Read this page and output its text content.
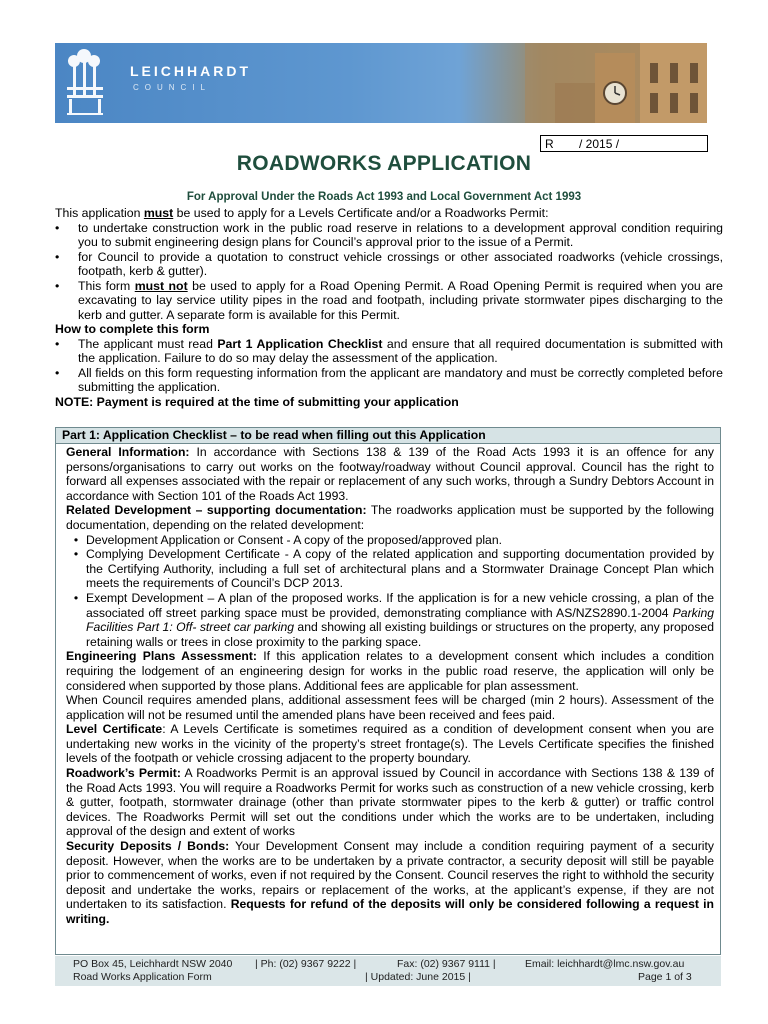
LEICHHARDT
COUNCIL
R / 2015 /
ROADWORKS APPLICATION
For Approval Under the Roads Act 1993 and Local Government Act 1993

This application must be used to apply for a Levels Certificate and/or a Roadworks Permit:

•	to undertake construction work in the public road reserve in relations to a development approval condition requiring you to submit engineering design plans for Council’s approval prior to the issue of a Permit.
•	for Council to provide a quotation to construct vehicle crossings or other associated roadworks (vehicle crossings, footpath, kerb & gutter).
•	This form must not be used to apply for a Road Opening Permit. A Road Opening Permit is required when you are excavating to lay service utility pipes in the road and footpath, including private stormwater pipes discharging to the kerb and gutter. A separate form is available for this Permit.

How to complete this form

•	The applicant must read Part 1 Application Checklist and ensure that all required documentation is submitted with the application. Failure to do so may delay the assessment of the application.
•	All fields on this form requesting information from the applicant are mandatory and must be correctly completed before submitting the application.

NOTE: Payment is required at the time of submitting your application

Part 1: Application Checklist – to be read when filling out this Application

General Information: In accordance with Sections 138 & 139 of the Road Acts 1993 it is an offence for any persons/organisations to carry out works on the footway/roadway without Council approval. Council has the right to forward all expenses associated with the repair or replacement of any such works, through a Sundry Debtors Account in accordance with Section 101 of the Roads Act 1993.

Related Development – supporting documentation: The roadworks application must be supported by the following documentation, depending on the related development:

• Development Application or Consent - A copy of the proposed/approved plan.
• Complying Development Certificate - A copy of the related application and supporting documentation provided by the Certifying Authority, including a full set of architectural plans and a Stormwater Drainage Concept Plan which meets the requirements of Council’s DCP 2013.
• Exempt Development – A plan of the proposed works. If the application is for a new vehicle crossing, a plan of the associated off street parking space must be provided, demonstrating compliance with AS/NZS2890.1-2004 Parking Facilities Part 1: Off- street car parking and showing all existing buildings or structures on the property, any proposed retaining walls or trees in close proximity to the parking space.

Engineering Plans Assessment: If this application relates to a development consent which includes a condition requiring the lodgement of an engineering design for works in the public road reserve, the application will only be considered when supported by those plans. Additional fees are applicable for plan assessment.

When Council requires amended plans, additional assessment fees will be charged (min 2 hours). Assessment of the application will not be resumed until the amended plans have been received and fees paid.

Level Certificate: A Levels Certificate is sometimes required as a condition of development consent when you are undertaking new works in the vicinity of the property’s street frontage(s). The Levels Certificate specifies the finished levels of the footpath or vehicle crossing adjacent to the property boundary.

Roadwork’s Permit: A Roadworks Permit is an approval issued by Council in accordance with Sections 138 & 139 of the Road Acts 1993. You will require a Roadworks Permit for works such as construction of a new vehicle crossing, kerb & gutter, footpath, stormwater drainage (other than private stormwater pipes to the kerb & gutter) or traffic control devices. The Roadworks Permit will set out the conditions under which the works are to be undertaken, including approval of the design and extent of works

Security Deposits / Bonds: Your Development Consent may include a condition requiring payment of a security deposit. However, when the works are to be undertaken by a private contractor, a security deposit will still be payable prior to commencement of works, even if not required by the Consent. Council reserves the right to withhold the security deposit and undertake the works, repairs or replacement of the works, at the applicant’s expense, if they are not undertaken to its satisfaction. Requests for refund of the deposits will only be considered following a request in writing.

PO Box 45, Leichhardt NSW 2040 | Ph: (02) 9367 9222 |	Fax: (02) 9367 9111 |	Email: leichhardt@lmc.nsw.gov.au
Road Works Application Form	| Updated: June 2015 |	Page 1 of 3
